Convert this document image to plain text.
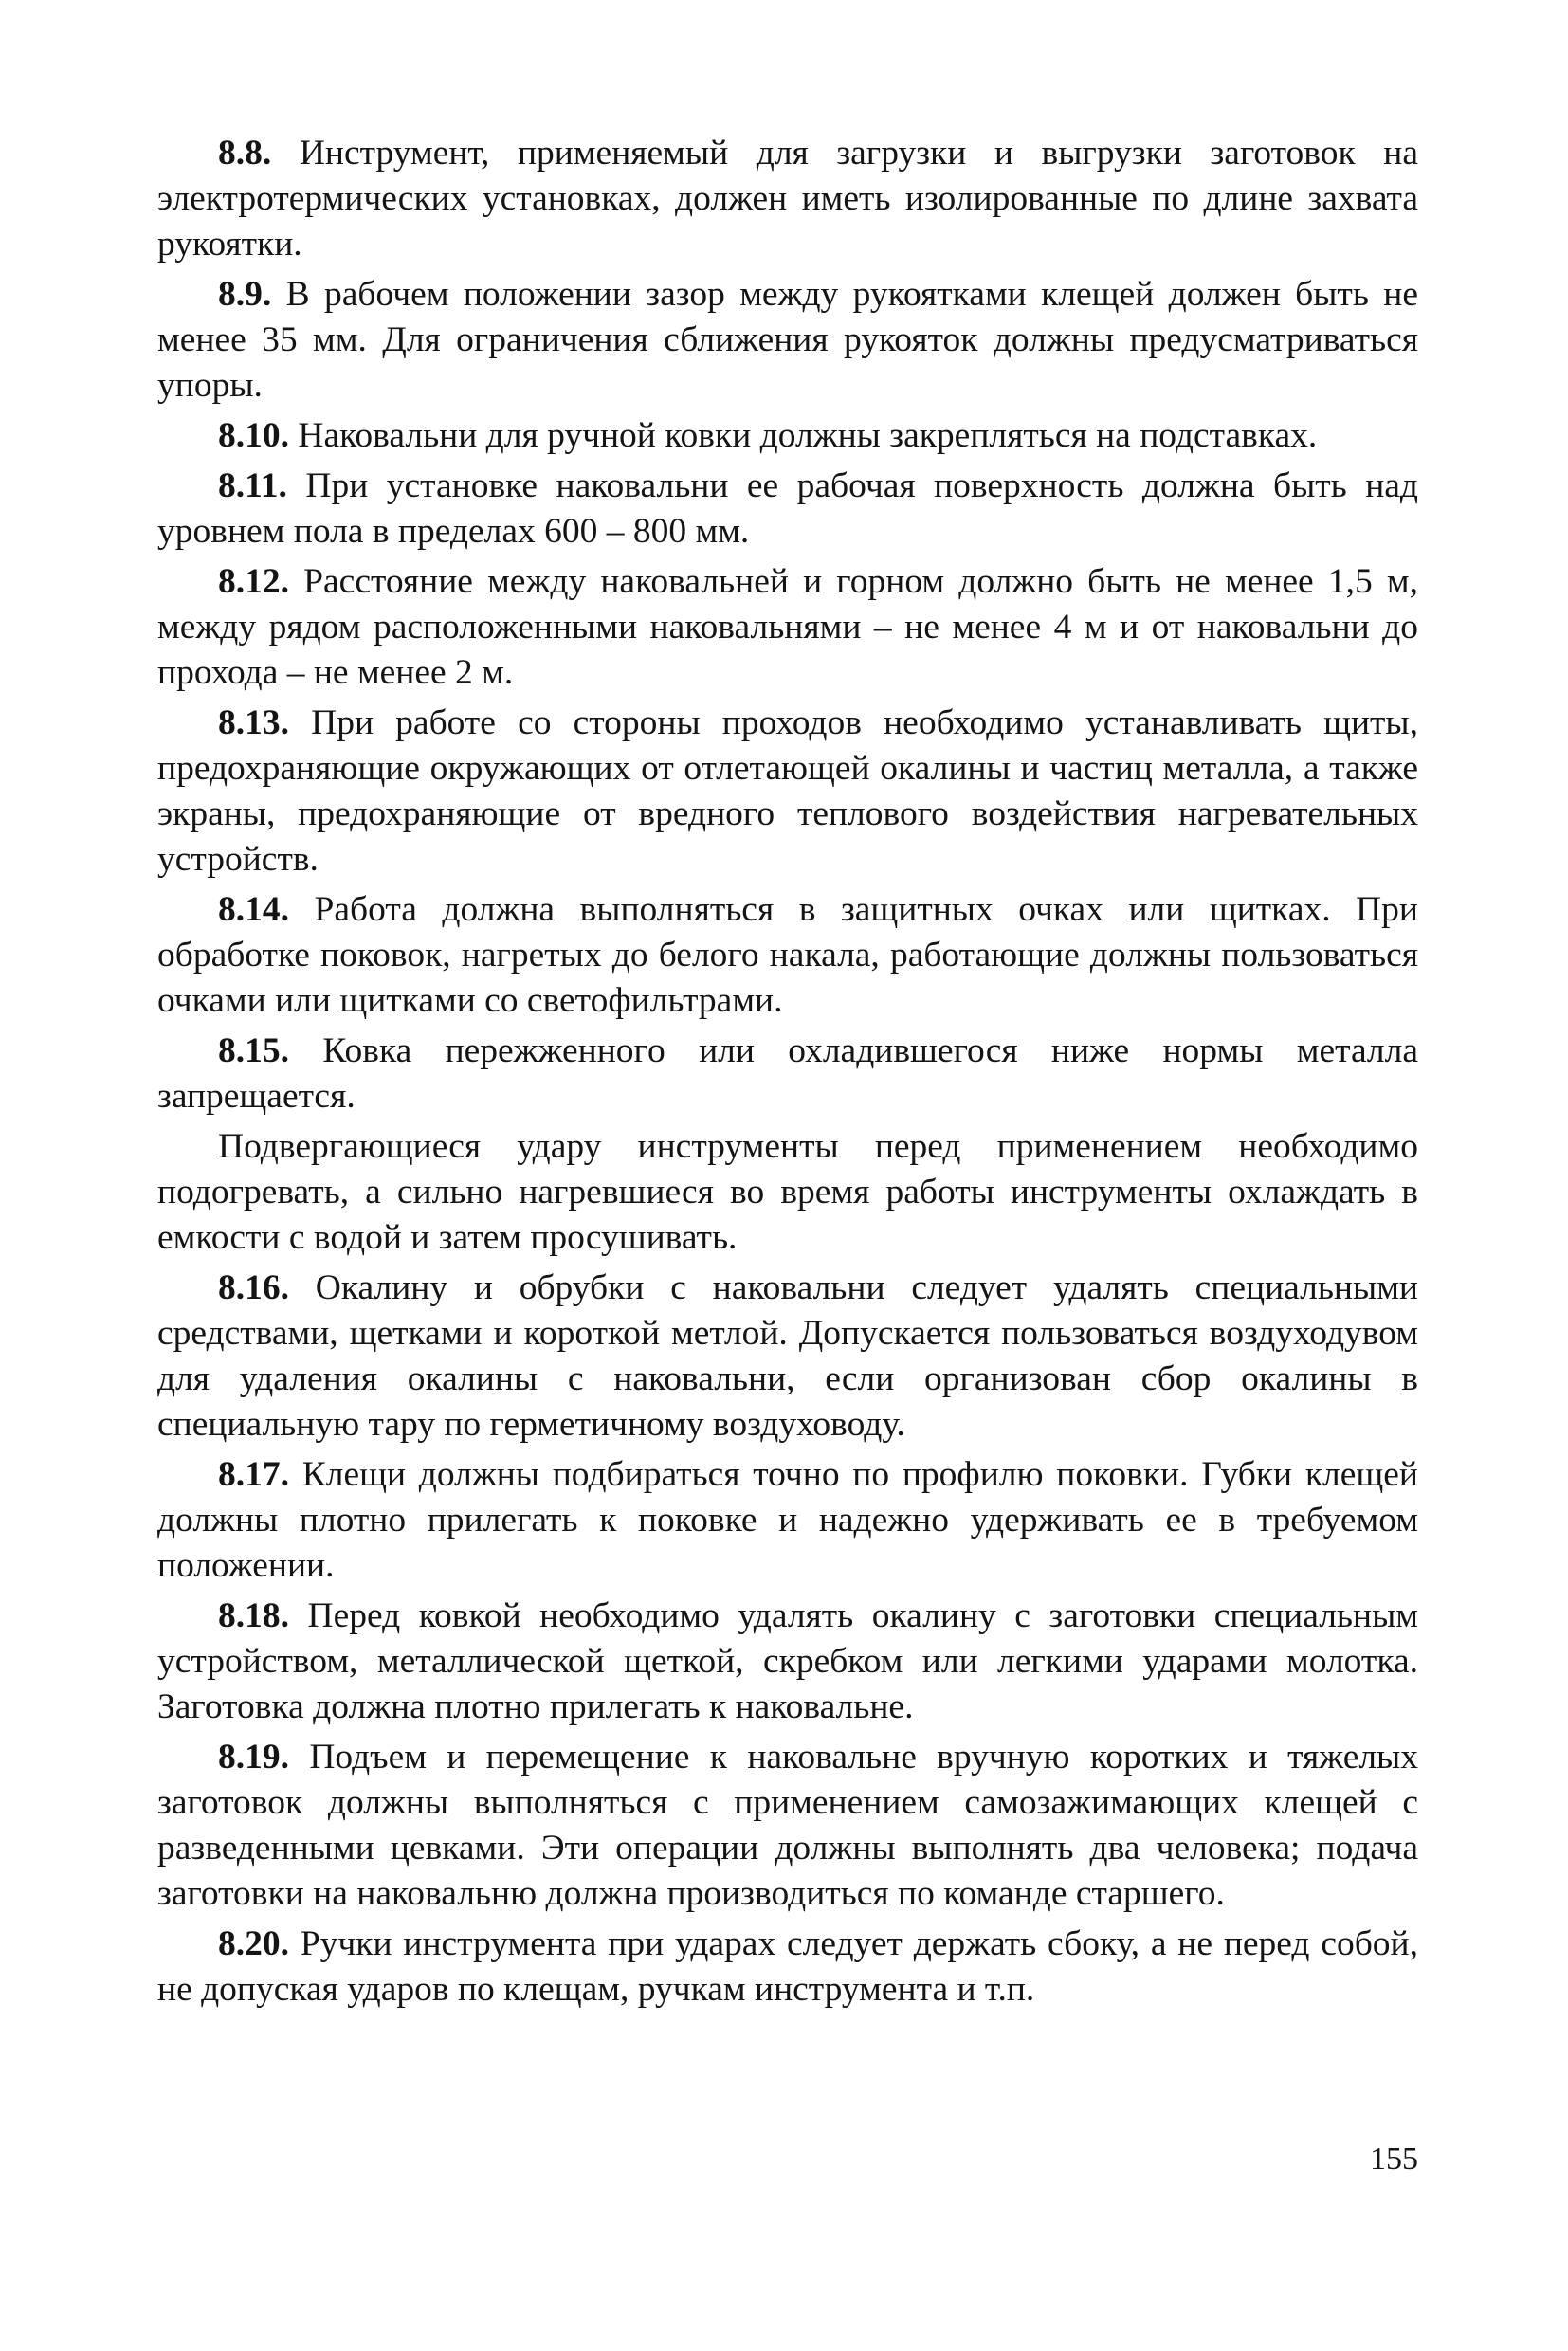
8.8. Инструмент, применяемый для загрузки и выгрузки заготовок на электротермических установках, должен иметь изолированные по длине захвата рукоятки.

8.9. В рабочем положении зазор между рукоятками клещей должен быть не менее 35 мм. Для ограничения сближения рукояток должны предусматриваться упоры.

8.10. Наковальни для ручной ковки должны закрепляться на подставках.

8.11. При установке наковальни ее рабочая поверхность должна быть над уровнем пола в пределах 600 – 800 мм.

8.12. Расстояние между наковальней и горном должно быть не менее 1,5 м, между рядом расположенными наковальнями – не менее 4 м и от наковальни до прохода – не менее 2 м.

8.13. При работе со стороны проходов необходимо устанавливать щиты, предохраняющие окружающих от отлетающей окалины и частиц металла, а также экраны, предохраняющие от вредного теплового воздействия нагревательных устройств.

8.14. Работа должна выполняться в защитных очках или щитках. При обработке поковок, нагретых до белого накала, работающие должны пользоваться очками или щитками со светофильтрами.

8.15. Ковка пережженного или охладившегося ниже нормы металла запрещается.

Подвергающиеся удару инструменты перед применением необходимо подогревать, а сильно нагревшиеся во время работы инструменты охлаждать в емкости с водой и затем просушивать.

8.16. Окалину и обрубки с наковальни следует удалять специальными средствами, щетками и короткой метлой. Допускается пользоваться воздуходувом для удаления окалины с наковальни, если организован сбор окалины в специальную тару по герметичному воздуховоду.

8.17. Клещи должны подбираться точно по профилю поковки. Губки клещей должны плотно прилегать к поковке и надежно удерживать ее в требуемом положении.

8.18. Перед ковкой необходимо удалять окалину с заготовки специальным устройством, металлической щеткой, скребком или легкими ударами молотка. Заготовка должна плотно прилегать к наковальне.

8.19. Подъем и перемещение к наковальне вручную коротких и тяжелых заготовок должны выполняться с применением самозажимающих клещей с разведенными цевками. Эти операции должны выполнять два человека; подача заготовки на наковальню должна производиться по команде старшего.

8.20. Ручки инструмента при ударах следует держать сбоку, а не перед собой, не допуская ударов по клещам, ручкам инструмента и т.п.

155
